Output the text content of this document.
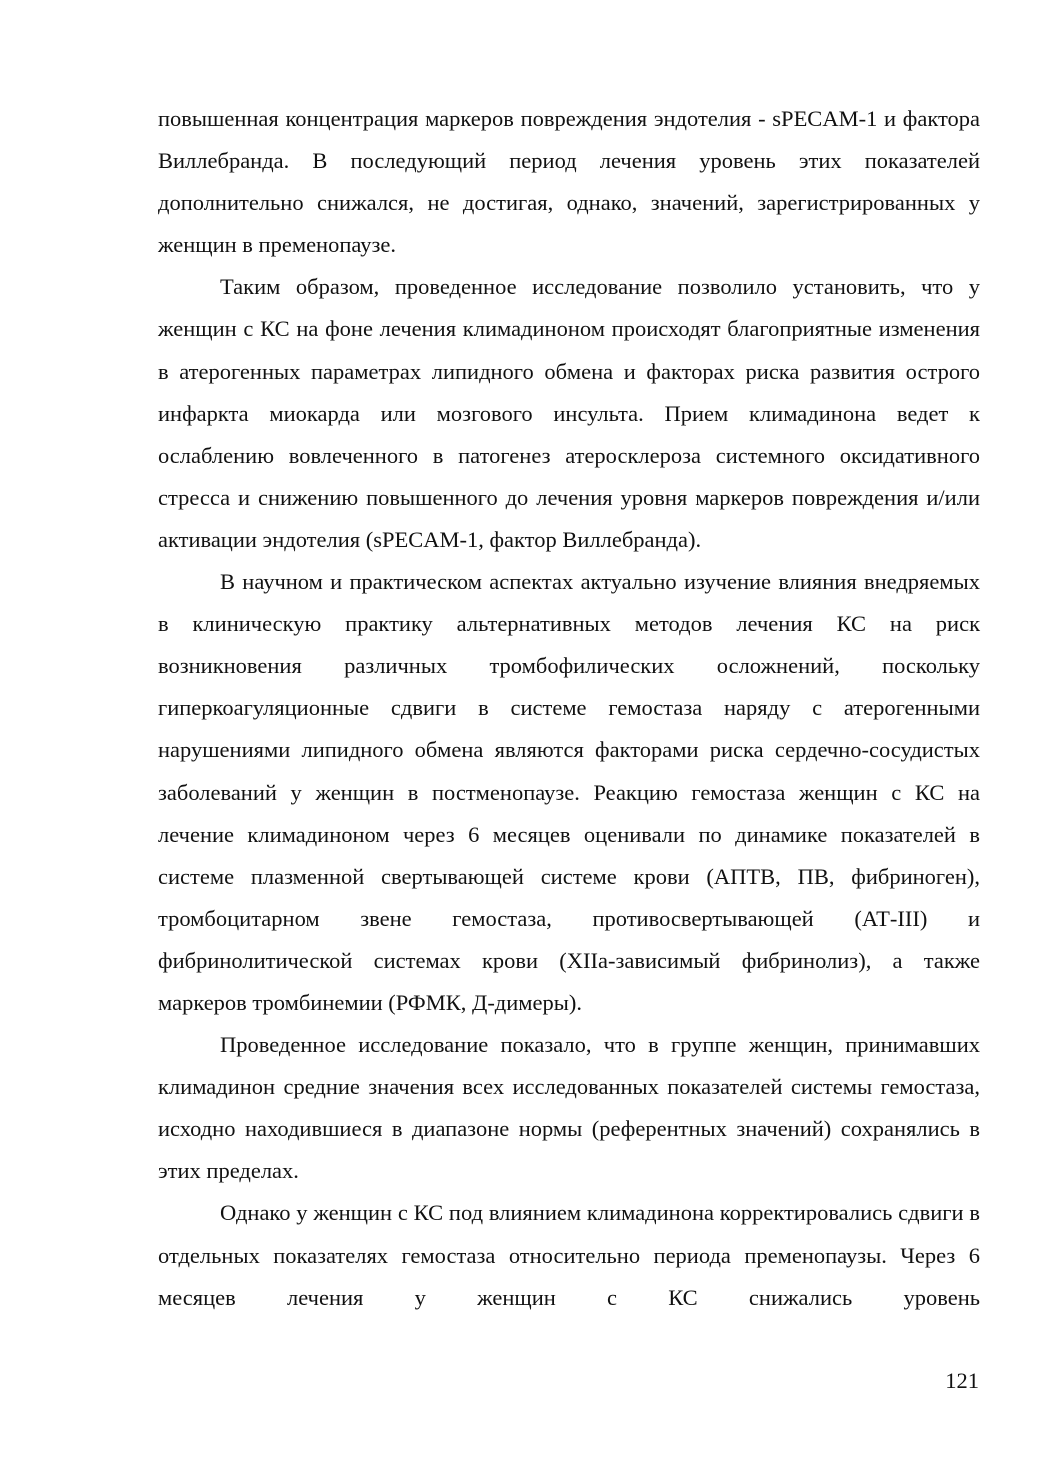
повышенная концентрация маркеров повреждения эндотелия - sPECAM-1 и фактора Виллебранда. В последующий период лечения уровень этих показателей дополнительно снижался, не достигая, однако, значений, зарегистрированных у женщин в пременопаузе.

Таким образом, проведенное исследование позволило установить, что у женщин с КС на фоне лечения климадиноном происходят благоприятные изменения в атерогенных параметрах липидного обмена и факторах риска развития острого инфаркта миокарда или мозгового инсульта. Прием климадинона ведет к ослаблению вовлеченного в патогенез атеросклероза системного оксидативного стресса и снижению повышенного до лечения уровня маркеров повреждения и/или активации эндотелия (sPECAM-1, фактор Виллебранда).

В научном и практическом аспектах актуально изучение влияния внедряемых в клиническую практику альтернативных методов лечения КС на риск возникновения различных тромбофилических осложнений, поскольку гиперкоагуляционные сдвиги в системе гемостаза наряду с атерогенными нарушениями липидного обмена являются факторами риска сердечно-сосудистых заболеваний у женщин в постменопаузе. Реакцию гемостаза женщин с КС на лечение климадиноном через 6 месяцев оценивали по динамике показателей в системе плазменной свертывающей системе крови (АПТВ, ПВ, фибриноген), тромбоцитарном звене гемостаза, противосвертывающей (АТ-III) и фибринолитической системах крови (XIIa-зависимый фибринолиз), а также маркеров тромбинемии (РФМК, Д-димеры).

Проведенное исследование показало, что в группе женщин, принимавших климадинон средние значения всех исследованных показателей системы гемостаза, исходно находившиеся в диапазоне нормы (референтных значений) сохранялись в этих пределах.

Однако у женщин с КС под влиянием климадинона корректировались сдвиги в отдельных показателях гемостаза относительно периода пременопаузы. Через 6 месяцев лечения у женщин с КС снижались уровень

121
